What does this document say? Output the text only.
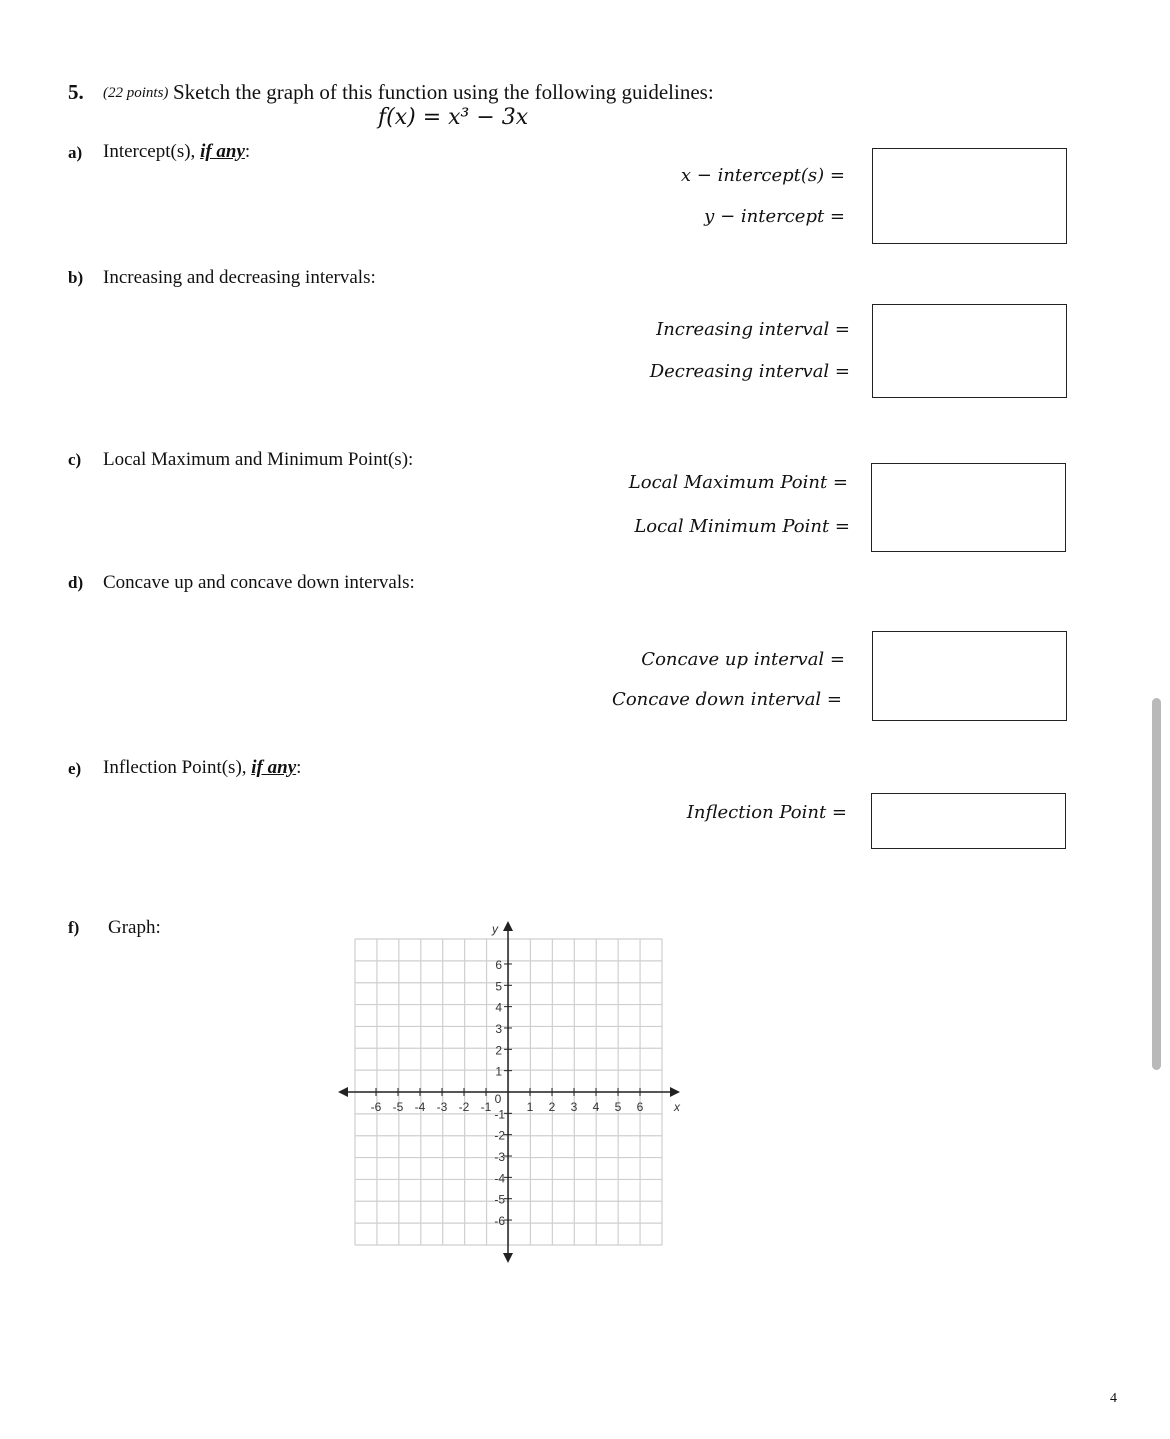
5. (22 points) Sketch the graph of this function using the following guidelines:
f(x) = x³ − 3x
a) Intercept(s), if any:
x − intercept(s) =
y − intercept =
b) Increasing and decreasing intervals:
Increasing interval =
Decreasing interval =
c) Local Maximum and Minimum Point(s):
Local Maximum Point =
Local Minimum Point =
d) Concave up and concave down intervals:
Concave up interval =
Concave down interval =
e) Inflection Point(s), if any:
Inflection Point =
f) Graph:
-6 -5 -4 -3 -2 -1	1 2 3 4 5 6
6
5
4
3
2
1
-1
-2
-3
-4
-5
-6
0
x
y
4
